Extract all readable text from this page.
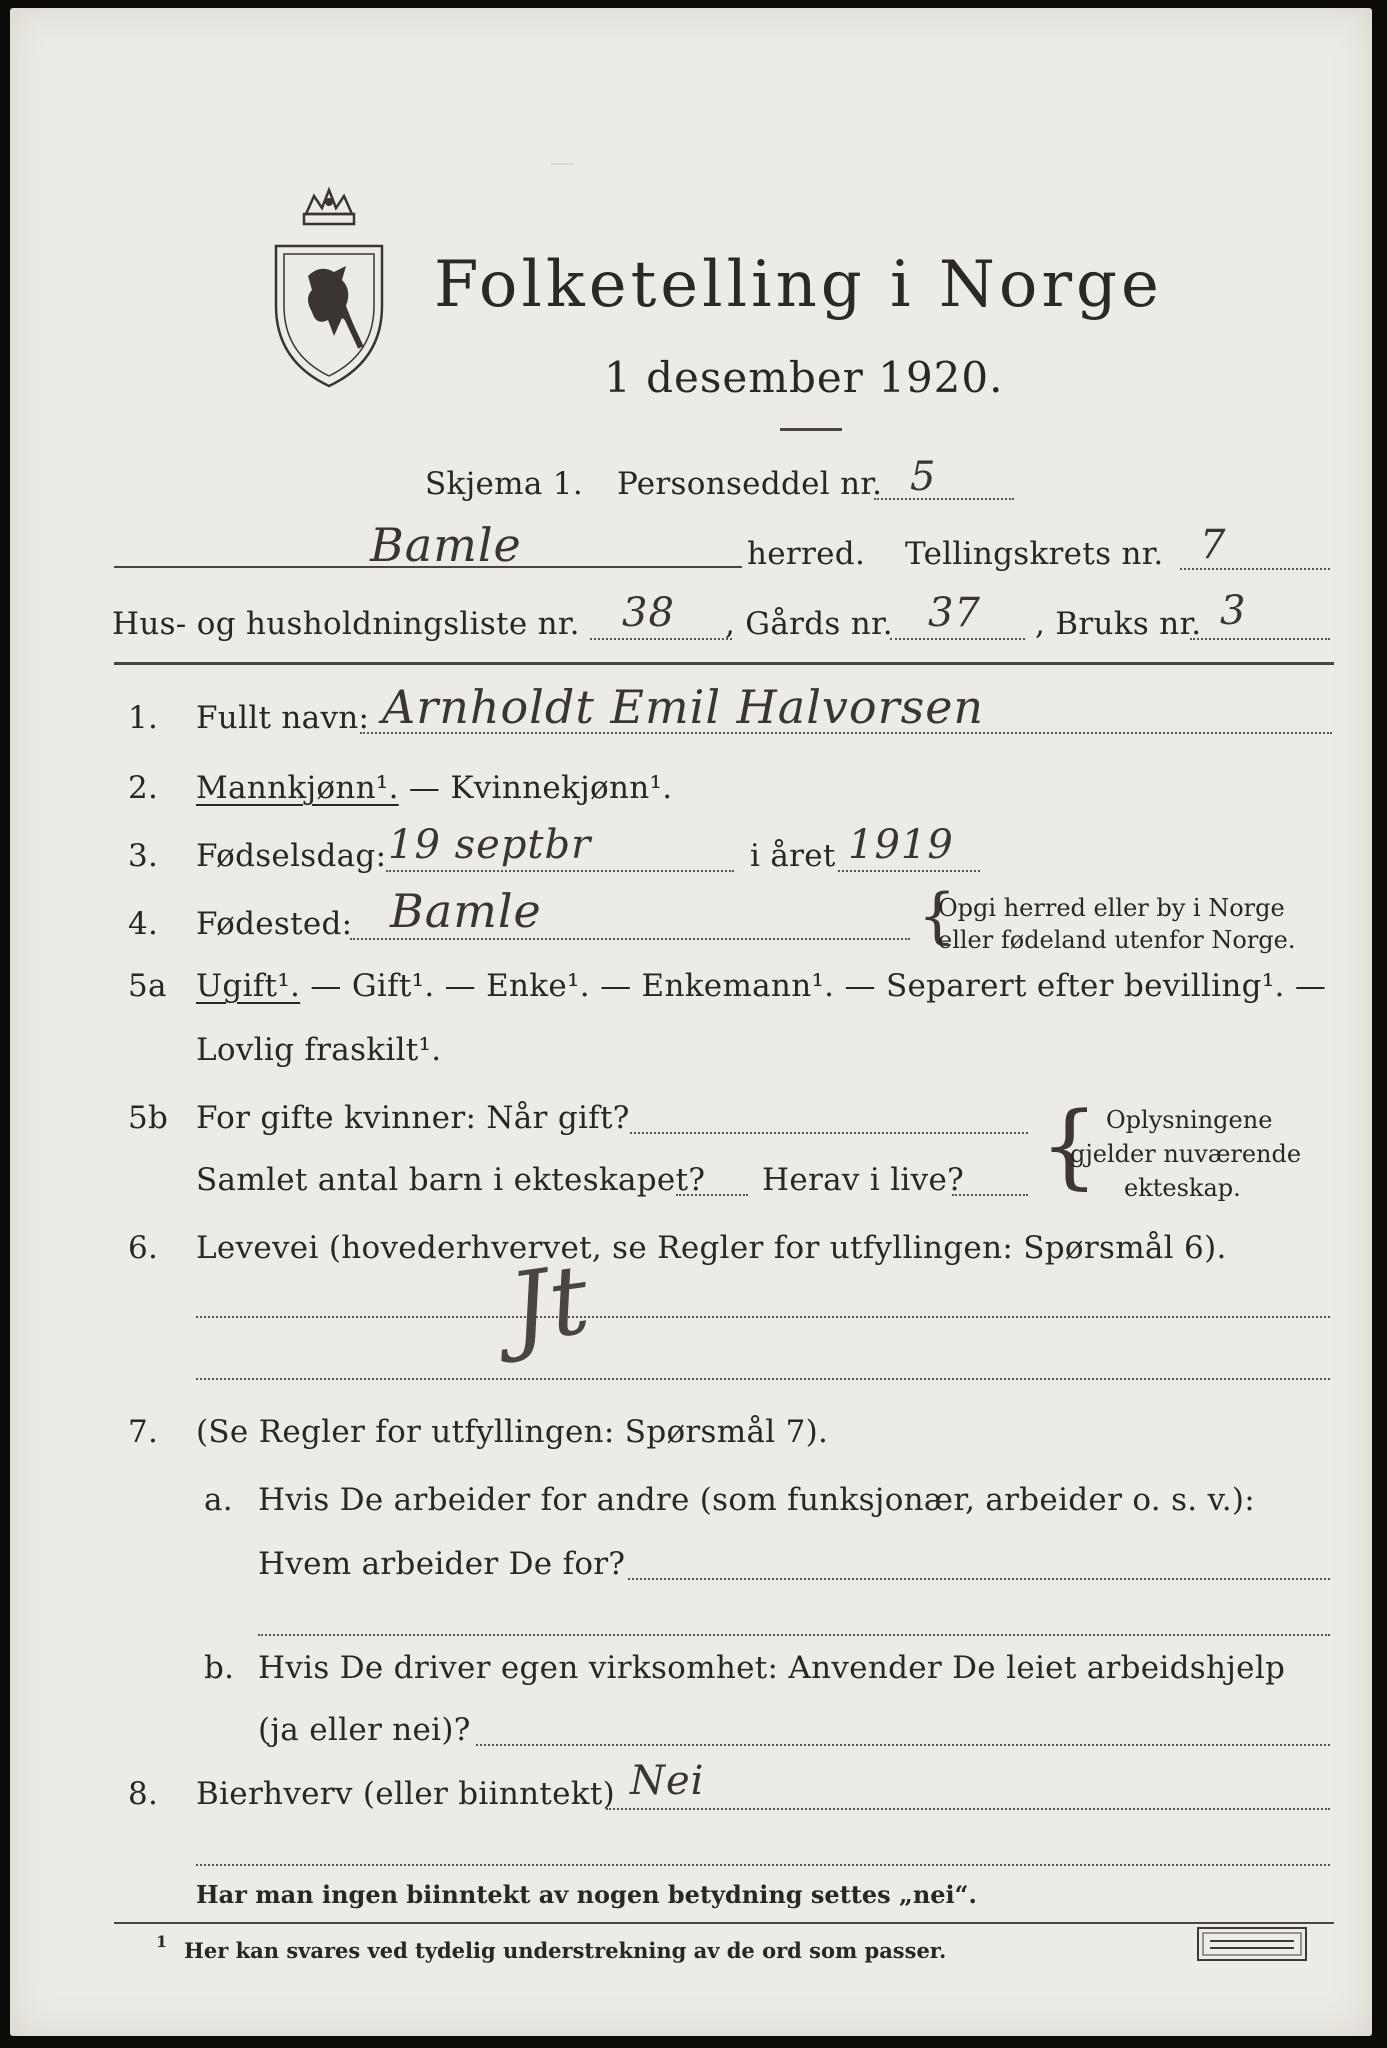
—
Folketelling i Norge
1 desember 1920.
Skjema 1. Personseddel nr. 5
Bamle	herred. Tellingskrets nr. 7
Hus- og husholdningsliste nr. 38 , Gårds nr. 37 , Bruks nr. 3
1. Fullt navn: Arnholdt Emil Halvorsen
2. Mannkjønn¹. — Kvinnekjønn¹.
3. Fødselsdag: 19 septbr	i året 1919
4. Fødested: Bamle	{
Opgi herred eller by i Norge
eller fødeland utenfor Norge.
5a Ugift¹. — Gift¹. — Enke¹. — Enkemann¹. — Separert efter bevilling¹. —
Lovlig fraskilt¹.
5b For gifte kvinner: Når gift?
Samlet antal barn i ekteskapet? Herav i live? { Oplysningene
gjelder nuværende
ekteskap.
6. Levevei (hovederhvervet, se Regler for utfyllingen: Spørsmål 6).
Jt
7. (Se Regler for utfyllingen: Spørsmål 7).
a. Hvis De arbeider for andre (som funksjonær, arbeider o. s. v.):
Hvem arbeider De for?
b. Hvis De driver egen virksomhet: Anvender De leiet arbeidshjelp
(ja eller nei)?
8. Bierhverv (eller biinntekt) Nei
Har man ingen biinntekt av nogen betydning settes „nei“.
1 Her kan svares ved tydelig understrekning av de ord som passer.
